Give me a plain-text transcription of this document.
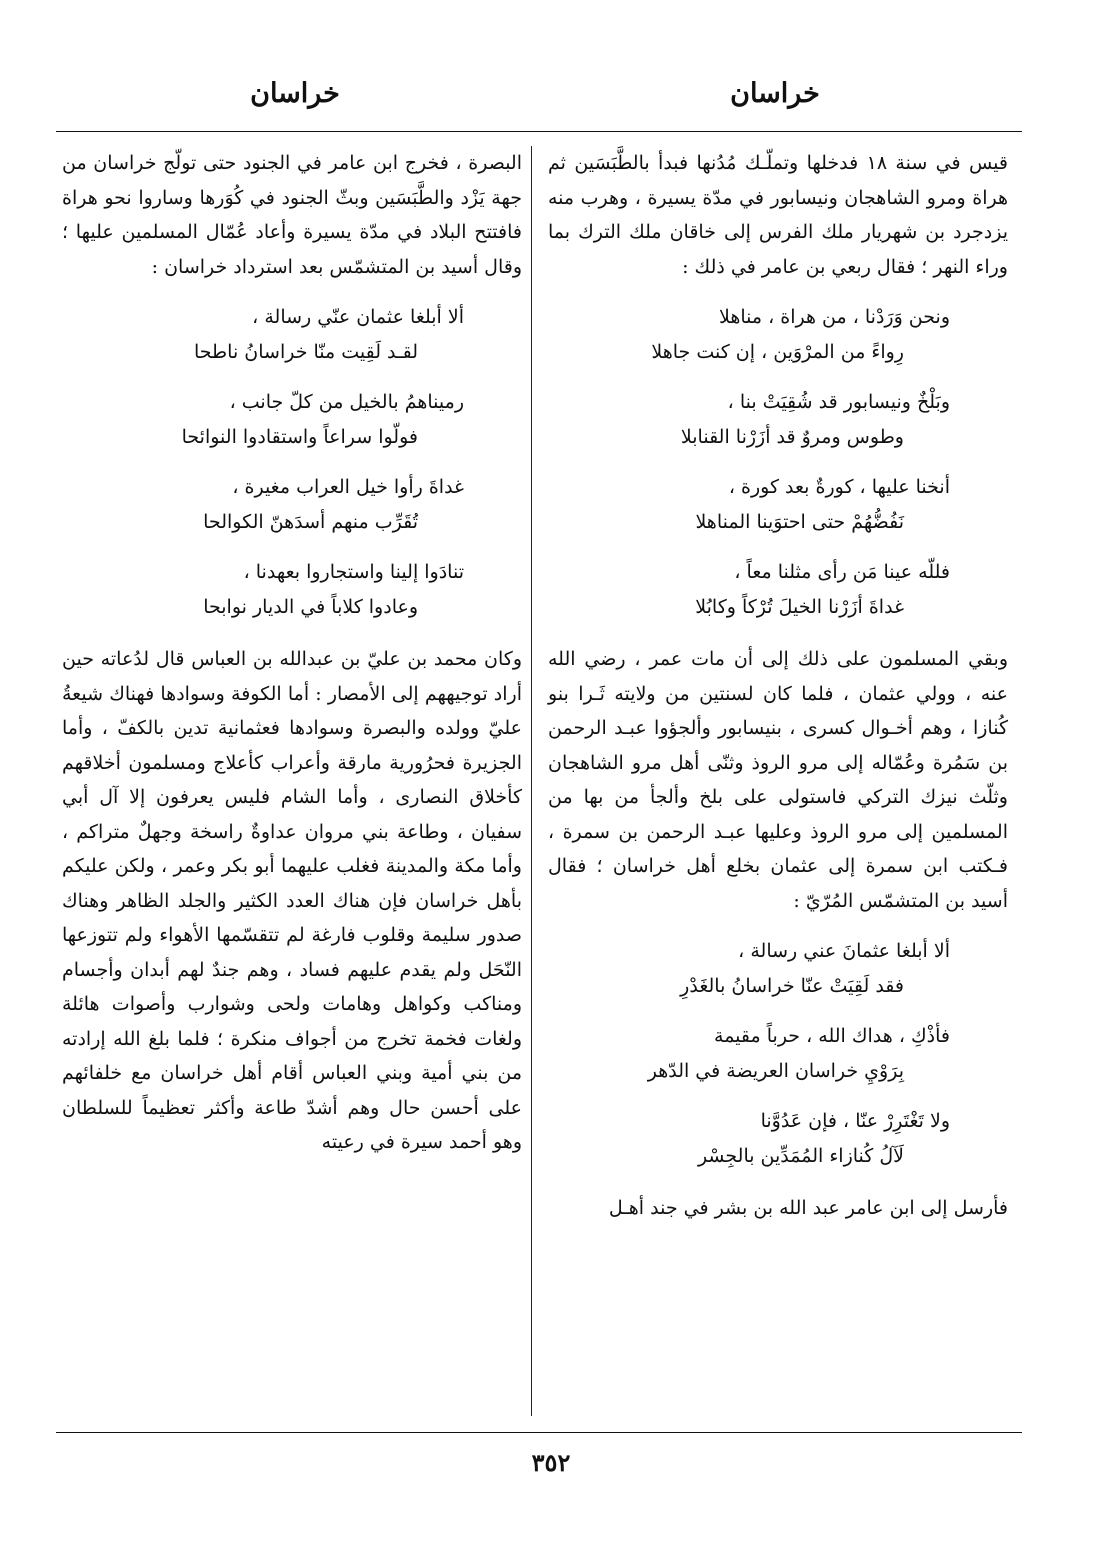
خراسان
خراسان

قيس في سنة ١٨ فدخلها وتملّـك مُدُنها فبدأ بالطَّبَسَين ثم هراة ومرو الشاهجان ونيسابور في مدّة يسيرة ، وهرب منه يزدجرد بن شهريار ملك الفرس إلى خاقان ملك الترك بما وراء النهر ؛ فقال ربعي بن عامر في ذلك :

ونحن وَرَدْنا ، من هراة ، مناهلا
رِواءً من المرْوَين ، إن كنت جاهلا
وبَلْخٌ ونيسابور قد شُقِيَتْ بنا ،
وطوس ومروٌ قد أزَرْنا القنابلا
أنخنا عليها ، كورةٌ بعد كورة ،
نَفُضُّهُمْ حتى احتوَينا المناهلا
فللّه عينا مَن رأى مثلنا معاً ،
غداةَ أزَرْنا الخيلَ تُرْكاً وكابُلا

وبقي المسلمون على ذلك إلى أن مات عمر ، رضي الله عنه ، وولي عثمان ، فلما كان لسنتين من ولايته ثَـرا بنو كُنازا ، وهم أخـوال كسرى ، بنيسابور وألجؤوا عبـد الرحمن بن سَمُرة وعُمّاله إلى مرو الروذ وثنّى أهل مرو الشاهجان وثلّث نيزك التركي فاستولى على بلخ وألجأ من بها من المسلمين إلى مرو الروذ وعليها عبـد الرحمن بن سمرة ، فـكتب ابن سمرة إلى عثمان بخلع أهل خراسان ؛ فقال أسيد بن المتشمّس المُرّيّ :

ألا أبلغا عثمانَ عني رسالة ،
فقد لَقِيَتْ عنّا خراسانُ بالغَدْرِ
فأذْكِ ، هداك الله ، حرباً مقيمة
بِرَوْيِ خراسان العريضة في الدّهر
ولا تَغْتَرِرْ عنّا ، فإن عَدُوَّنا
لَآلُ كُنازاء المُمَدِّين بالجِسْر

فأرسل إلى ابن عامر عبد الله بن بشر في جند أهـل

البصرة ، فخرج ابن عامر في الجنود حتى تولّج خراسان من جهة يَزْد والطَّبَسَين وبثّ الجنود في كُوَرها وساروا نحو هراة فافتتح البلاد في مدّة يسيرة وأعاد عُمّال المسلمين عليها ؛ وقال أسيد بن المتشمّس بعد استرداد خراسان :

ألا أبلغا عثمان عنّي رسالة ،
لقـد لَقِيت منّا خراسانُ ناطحا
رميناهمُ بالخيل من كلّ جانب ،
فولّوا سراعاً واستقادوا النوائحا
غداةَ رأوا خيل العراب مغيرة ،
تُقَرِّب منهم أسدَهنّ الكوالحا
تنادَوا إلينا واستجاروا بعهدنا ،
وعادوا كلاباً في الديار نوابحا

وكان محمد بن عليّ بن عبدالله بن العباس قال لدُعاته حين أراد توجيههم إلى الأمصار : أما الكوفة وسوادها فهناك شيعةُ عليّ وولده والبصرة وسوادها فعثمانية تدين بالكفّ ، وأما الجزيرة فحرُورية مارقة وأعراب كأعلاج ومسلمون أخلاقهم كأخلاق النصارى ، وأما الشام فليس يعرفون إلا آل أبي سفيان ، وطاعة بني مروان عداوةٌ راسخة وجهلٌ متراكم ، وأما مكة والمدينة فغلب عليهما أبو بكر وعمر ، ولكن عليكم بأهل خراسان فإن هناك العدد الكثير والجلد الظاهر وهناك صدور سليمة وقلوب فارغة لم تتقسّمها الأهواء ولم تتوزعها النّحَل ولم يقدم عليهم فساد ، وهم جندٌ لهم أبدان وأجسام ومناكب وكواهل وهامات ولحى وشوارب وأصوات هائلة ولغات فخمة تخرج من أجواف منكرة ؛ فلما بلغ الله إرادته من بني أمية وبني العباس أقام أهل خراسان مع خلفائهم على أحسن حال وهم أشدّ طاعة وأكثر تعظيماً للسلطان وهو أحمد سيرة في رعيته

٣٥٢
